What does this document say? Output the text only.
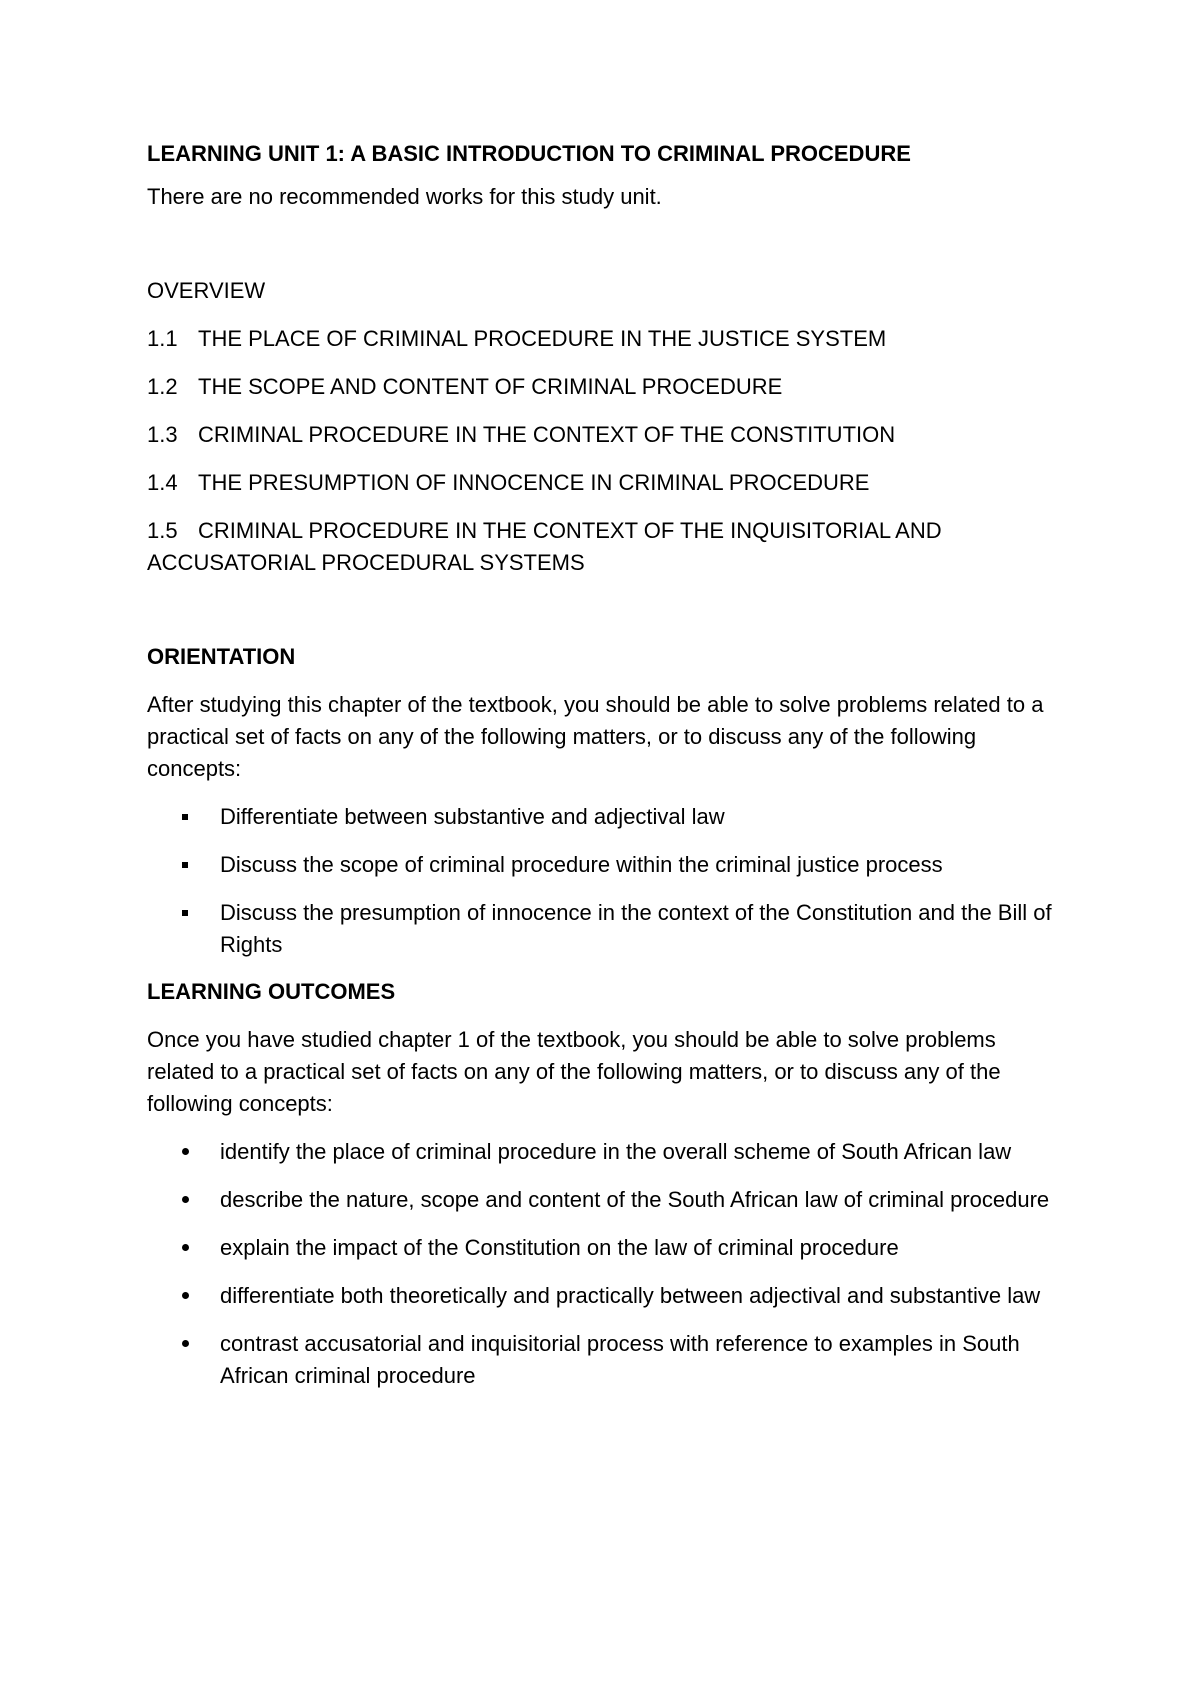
LEARNING UNIT 1: A BASIC INTRODUCTION TO CRIMINAL PROCEDURE

There are no recommended works for this study unit.

OVERVIEW

1.1 THE PLACE OF CRIMINAL PROCEDURE IN THE JUSTICE SYSTEM
1.2 THE SCOPE AND CONTENT OF CRIMINAL PROCEDURE
1.3 CRIMINAL PROCEDURE IN THE CONTEXT OF THE CONSTITUTION
1.4 THE PRESUMPTION OF INNOCENCE IN CRIMINAL PROCEDURE

1.5 CRIMINAL PROCEDURE IN THE CONTEXT OF THE INQUISITORIAL AND ACCUSATORIAL PROCEDURAL SYSTEMS

ORIENTATION

After studying this chapter of the textbook, you should be able to solve problems related to a practical set of facts on any of the following matters, or to discuss any of the following concepts:

Differentiate between substantive and adjectival law
Discuss the scope of criminal procedure within the criminal justice process
Discuss the presumption of innocence in the context of the Constitution and the Bill of Rights

LEARNING OUTCOMES

Once you have studied chapter 1 of the textbook, you should be able to solve problems related to a practical set of facts on any of the following matters, or to discuss any of the following concepts:

identify the place of criminal procedure in the overall scheme of South African law
describe the nature, scope and content of the South African law of criminal procedure
explain the impact of the Constitution on the law of criminal procedure
differentiate both theoretically and practically between adjectival and substantive law
contrast accusatorial and inquisitorial process with reference to examples in South African criminal procedure
